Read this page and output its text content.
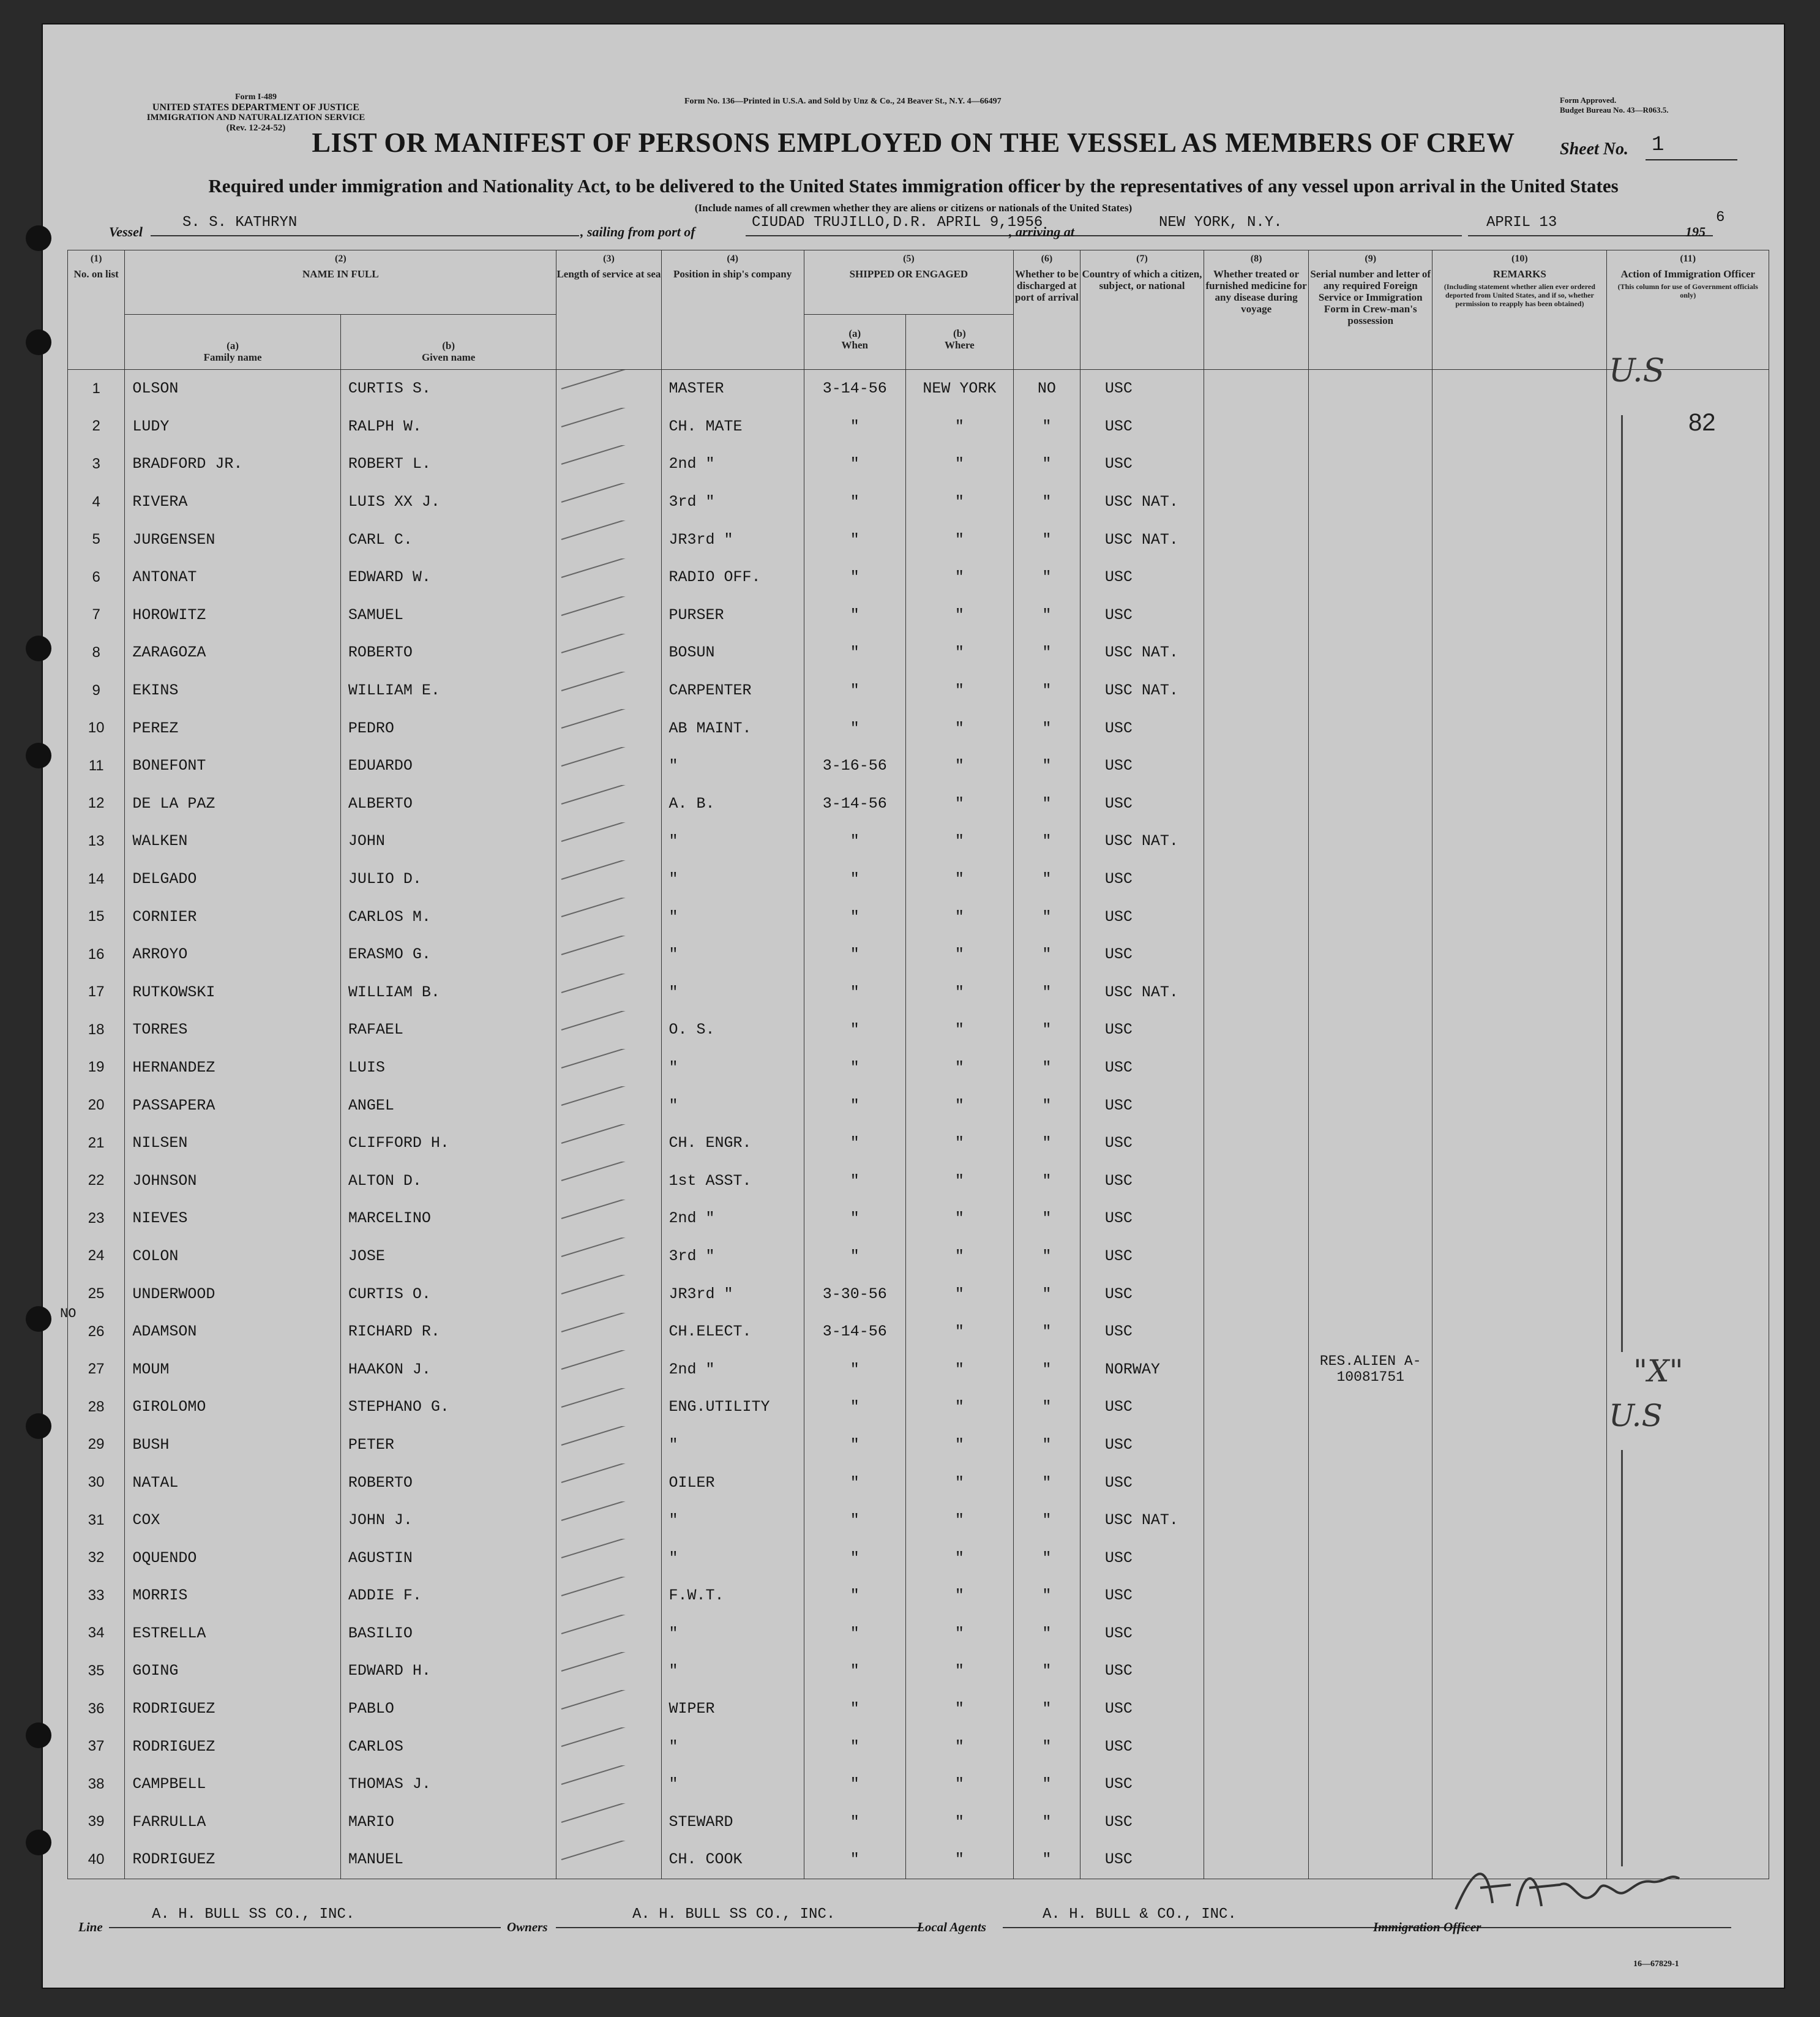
Form I-489
UNITED STATES DEPARTMENT OF JUSTICE
IMMIGRATION AND NATURALIZATION SERVICE
(Rev. 12-24-52)
Form No. 136—Printed in U.S.A. and Sold by Unz & Co., 24 Beaver St., N.Y. 4—66497	Form Approved.
Budget Bureau No. 43—R063.5.
LIST OR MANIFEST OF PERSONS EMPLOYED ON THE VESSEL AS MEMBERS OF CREW	Sheet No. 1
Required under immigration and Nationality Act, to be delivered to the United States immigration officer by the representatives of any vessel upon arrival in the United States
(Include names of all crewmen whether they are aliens or citizens or nationals of the United States)
Vessel
S. S. KATHRYN
, sailing from port of
CIUDAD TRUJILLO,D.R. APRIL 9,1956
, arriving at
NEW YORK, N.Y.	APRIL 13
195
6
(1)
No. on list	(2)
NAME IN FULL		(3)
Length of service at sea	(4)
Position in ship's company	(5)
SHIPPED OR ENGAGED		(6)
Whether to be discharged at port of arrival	(7)
Country of which a citizen, subject, or national	(8)
Whether treated or furnished medicine for any disease during voyage	(9)
Serial number and letter of any required Foreign Service or Immigration Form in Crew-man's possession	(10)
REMARKS

(Including statement whether alien ever ordered deported from United States, and if so, whether permission to reapply has been obtained)	(11)
Action of Immigration Officer

(This column for use of Government officials only)

	(a)
Family name	(b)
Given name			(a)
When	(b)
Where						
1	OLSON	CURTIS S.		MASTER	3-14-56	NEW YORK	NO	USC				
2	LUDY	RALPH W.		CH. MATE	"	"	"	USC				
3	BRADFORD JR.	ROBERT L.		2nd "	"	"	"	USC				
4	RIVERA	LUIS XX J.		3rd "	"	"	"	USC NAT.				
5	JURGENSEN	CARL C.		JR3rd "	"	"	"	USC NAT.				
6	ANTONAT	EDWARD W.		RADIO OFF.	"	"	"	USC				
7	HOROWITZ	SAMUEL		PURSER	"	"	"	USC				
8	ZARAGOZA	ROBERTO		BOSUN	"	"	"	USC NAT.				
9	EKINS	WILLIAM E.		CARPENTER	"	"	"	USC NAT.				
10	PEREZ	PEDRO		AB MAINT.	"	"	"	USC				
11	BONEFONT	EDUARDO		"	3-16-56	"	"	USC				
12	DE LA PAZ	ALBERTO		A. B.	3-14-56	"	"	USC				
13	WALKEN	JOHN		"	"	"	"	USC NAT.				
14	DELGADO	JULIO D.		"	"	"	"	USC				
15	CORNIER	CARLOS M.		"	"	"	"	USC				
16	ARROYO	ERASMO G.		"	"	"	"	USC				
17	RUTKOWSKI	WILLIAM B.		"	"	"	"	USC NAT.				
18	TORRES	RAFAEL		O. S.	"	"	"	USC				
19	HERNANDEZ	LUIS		"	"	"	"	USC				
20	PASSAPERA	ANGEL		"	"	"	"	USC				
21	NILSEN	CLIFFORD H.		CH. ENGR.	"	"	"	USC				
22	JOHNSON	ALTON D.		1st ASST.	"	"	"	USC				
23	NIEVES	MARCELINO		2nd "	"	"	"	USC				
24	COLON	JOSE		3rd "	"	"	"	USC				
25	UNDERWOOD	CURTIS O.		JR3rd "	3-30-56	"	"	USC				
26	ADAMSON	RICHARD R.		CH.ELECT.	3-14-56	"	"	USC				
27	MOUM	HAAKON J.		2nd "	"	"	"	NORWAY		RES.ALIEN A-10081751		
28	GIROLOMO	STEPHANO G.		ENG.UTILITY	"	"	"	USC				
29	BUSH	PETER		"	"	"	"	USC				
30	NATAL	ROBERTO		OILER	"	"	"	USC				
31	COX	JOHN J.		"	"	"	"	USC NAT.				
32	OQUENDO	AGUSTIN		"	"	"	"	USC				
33	MORRIS	ADDIE F.		F.W.T.	"	"	"	USC				
34	ESTRELLA	BASILIO		"	"	"	"	USC				
35	GOING	EDWARD H.		"	"	"	"	USC				
36	RODRIGUEZ	PABLO		WIPER	"	"	"	USC				
37	RODRIGUEZ	CARLOS		"	"	"	"	USC				
38	CAMPBELL	THOMAS J.		"	"	"	"	USC				
39	FARRULLA	MARIO		STEWARD	"	"	"	USC				
40	RODRIGUEZ	MANUEL		CH. COOK	"	"	"	USC				
U.S
82
"X"
U.S
NO
Line
A. H. BULL SS CO., INC.
Owners
A. H. BULL SS CO., INC.
Local Agents
A. H. BULL & CO., INC.
Immigration Officer
16—67829-1
